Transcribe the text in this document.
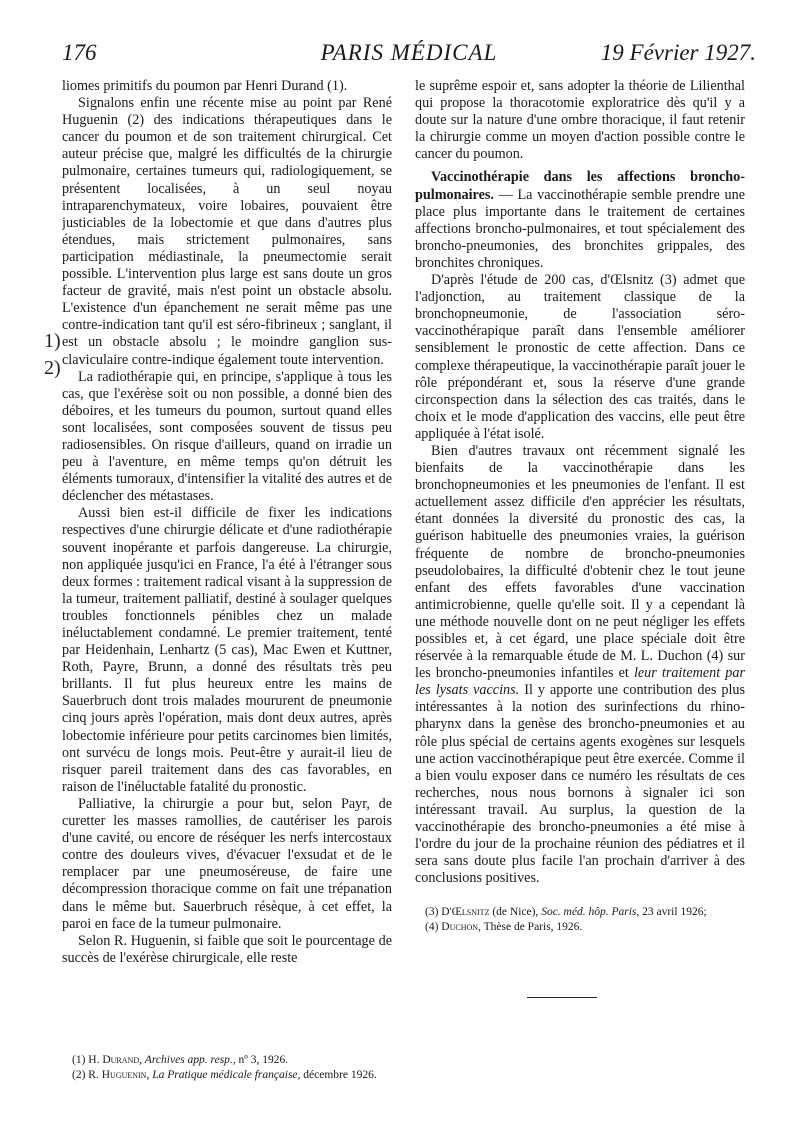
176	PARIS MÉDICAL	19 Février 1927.
1)
2)

liomes primitifs du poumon par Henri Durand (1).

Signalons enfin une récente mise au point par René Huguenin (2) des indications thérapeutiques dans le cancer du poumon et de son traitement chirurgical. Cet auteur précise que, malgré les difficultés de la chirurgie pulmonaire, certaines tumeurs qui, radiologiquement, se présentent localisées, à un seul noyau intraparenchymateux, voire lobaires, pouvaient être justiciables de la lobectomie et que dans d'autres plus étendues, mais strictement pulmonaires, sans participation médiastinale, la pneumectomie serait possible. L'intervention plus large est sans doute un gros facteur de gravité, mais n'est point un obstacle absolu. L'existence d'un épanchement ne serait même pas une contre-indication tant qu'il est séro-fibrineux ; sanglant, il est un obstacle absolu ; le moindre ganglion sus-claviculaire contre-indique également toute intervention.

La radiothérapie qui, en principe, s'applique à tous les cas, que l'exérèse soit ou non possible, a donné bien des déboires, et les tumeurs du poumon, surtout quand elles sont localisées, sont composées souvent de tissus peu radiosensibles. On risque d'ailleurs, quand on irradie un peu à l'aventure, en même temps qu'on détruit les éléments tumoraux, d'intensifier la vitalité des autres et de déclencher des métastases.

Aussi bien est-il difficile de fixer les indications respectives d'une chirurgie délicate et d'une radiothérapie souvent inopérante et parfois dangereuse. La chirurgie, non appliquée jusqu'ici en France, l'a été à l'étranger sous deux formes : traitement radical visant à la suppression de la tumeur, traitement palliatif, destiné à soulager quelques troubles fonctionnels pénibles chez un malade inéluctablement condamné. Le premier traitement, tenté par Heidenhain, Lenhartz (5 cas), Mac Ewen et Kuttner, Roth, Payre, Brunn, a donné des résultats très peu brillants. Il fut plus heureux entre les mains de Sauerbruch dont trois malades moururent de pneumonie cinq jours après l'opération, mais dont deux autres, après lobectomie inférieure pour petits carcinomes bien limités, ont survécu de longs mois. Peut-être y aurait-il lieu de risquer pareil traitement dans des cas favorables, en raison de l'inéluctable fatalité du pronostic.

Palliative, la chirurgie a pour but, selon Payr, de curetter les masses ramollies, de cautériser les parois d'une cavité, ou encore de réséquer les nerfs intercostaux contre des douleurs vives, d'évacuer l'exsudat et de le remplacer par une pneumoséreuse, de faire une décompression thoracique comme on fait une trépanation dans le même but. Sauerbruch résèque, à cet effet, la paroi en face de la tumeur pulmonaire.

Selon R. Huguenin, si faible que soit le pourcentage de succès de l'exérèse chirurgicale, elle reste

(1) H. Durand, Archives app. resp., nº 3, 1926.
(2) R. Huguenin, La Pratique médicale française, décembre 1926.

le suprême espoir et, sans adopter la théorie de Lilienthal qui propose la thoracotomie exploratrice dès qu'il y a doute sur la nature d'une ombre thoracique, il faut retenir la chirurgie comme un moyen d'action possible contre le cancer du poumon.

Vaccinothérapie dans les affections broncho-pulmonaires. — La vaccinothérapie semble prendre une place plus importante dans le traitement de certaines affections broncho-pulmonaires, et tout spécialement des broncho-pneumonies, des bronchites grippales, des bronchites chroniques.

D'après l'étude de 200 cas, d'Œlsnitz (3) admet que l'adjonction, au traitement classique de la bronchopneumonie, de l'association séro-vaccinothérapique paraît dans l'ensemble améliorer sensiblement le pronostic de cette affection. Dans ce complexe thérapeutique, la vaccinothérapie paraît jouer le rôle prépondérant et, sous la réserve d'une grande circonspection dans la sélection des cas traités, dans le choix et le mode d'application des vaccins, elle peut être appliquée à l'état isolé.

Bien d'autres travaux ont récemment signalé les bienfaits de la vaccinothérapie dans les bronchopneumonies et les pneumonies de l'enfant. Il est actuellement assez difficile d'en apprécier les résultats, étant données la diversité du pronostic des cas, la guérison habituelle des pneumonies vraies, la guérison fréquente de nombre de broncho-pneumonies pseudolobaires, la difficulté d'obtenir chez le tout jeune enfant des effets favorables d'une vaccination antimicrobienne, quelle qu'elle soit. Il y a cependant là une méthode nouvelle dont on ne peut négliger les effets possibles et, à cet égard, une place spéciale doit être réservée à la remarquable étude de M. L. Duchon (4) sur les broncho-pneumonies infantiles et leur traitement par les lysats vaccins. Il y apporte une contribution des plus intéressantes à la notion des surinfections du rhino-pharynx dans la genèse des broncho-pneumonies et au rôle plus spécial de certains agents exogènes sur lesquels une action vaccinothérapique peut être exercée. Comme il a bien voulu exposer dans ce numéro les résultats de ces recherches, nous nous bornons à signaler ici son intéressant travail. Au surplus, la question de la vaccinothérapie des broncho-pneumonies a été mise à l'ordre du jour de la prochaine réunion des pédiatres et il sera sans doute plus facile l'an prochain d'arriver à des conclusions positives.

(3) D'Œlsnitz (de Nice), Soc. méd. hôp. Paris, 23 avril 1926;
(4) Duchon, Thèse de Paris, 1926.
